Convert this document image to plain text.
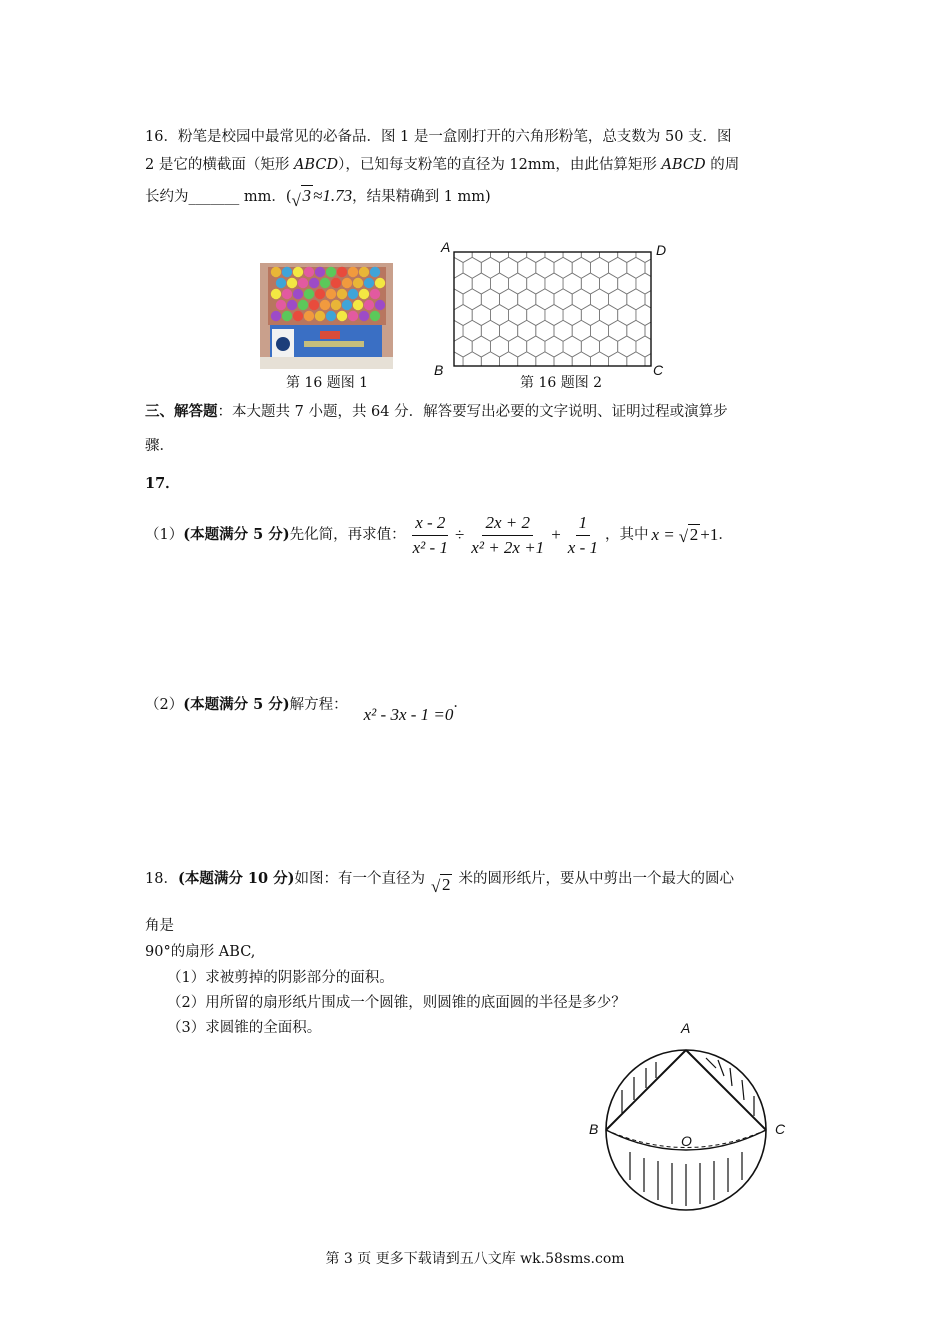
16．粉笔是校园中最常见的必备品．图 1 是一盒刚打开的六角形粉笔，总支数为 50 支．图
2 是它的横截面（矩形 ABCD），已知每支粉笔的直径为 12mm，由此估算矩形 ABCD 的周
长约为_______ mm．( √ 3 ≈1.73，结果精确到 1 mm)
第 16 题图 1
A	D
B	C
第 16 题图 2
三、解答题：本大题共 7 小题，共 64 分．解答要写出必要的文字说明、证明过程或演算步
骤．
17．
（1） (本题满分 5 分) 先化简，再求值： $\frac{x - 2}{\text{x² - 1}} \div \frac{2x + 2}{\text{x² + 2x +1}} + \frac{1}{x - 1}$ ，其中 x = √ 2 +1 ．
（2） (本题满分 5 分) 解方程： x² - 3x - 1 =0
．
18． (本题满分 10 分) 如图：有一个直径为 √ 2 米的圆形纸片，要从中剪出一个最大的圆心
角是
90°的扇形 ABC,
（1）求被剪掉的阴影部分的面积。
（2）用所留的扇形纸片围成一个圆锥，则圆锥的底面圆的半径是多少？
（3）求圆锥的全面积。	A
B	C
O
第 3 页 更多下载请到五八文库 wk.58sms.com
